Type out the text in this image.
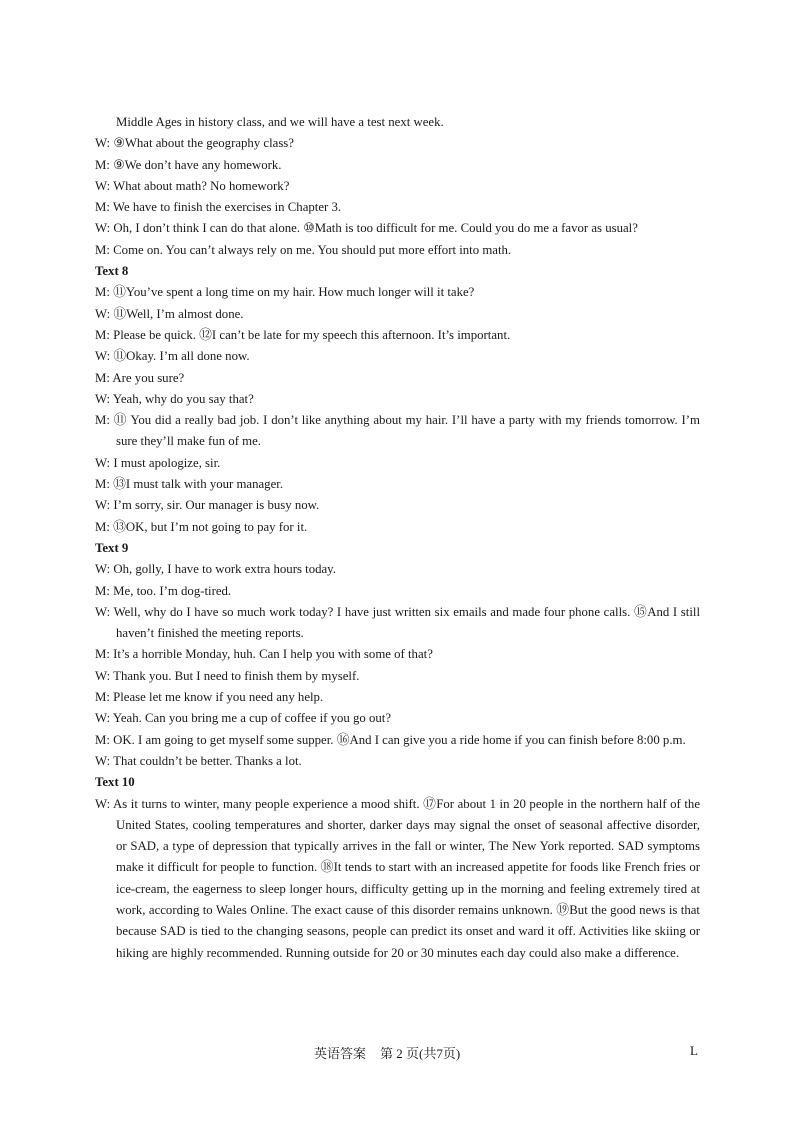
Middle Ages in history class, and we will have a test next week.

W: ⑨What about the geography class?

M: ⑨We don’t have any homework.

W: What about math? No homework?

M: We have to finish the exercises in Chapter 3.

W: Oh, I don’t think I can do that alone. ⑩Math is too difficult for me. Could you do me a favor as usual?

M: Come on. You can’t always rely on me. You should put more effort into math.

Text 8

M: ⑪You’ve spent a long time on my hair. How much longer will it take?

W: ⑪Well, I’m almost done.

M: Please be quick. ⑫I can’t be late for my speech this afternoon. It’s important.

W: ⑪Okay. I’m all done now.

M: Are you sure?

W: Yeah, why do you say that?

M: ⑪ You did a really bad job. I don’t like anything about my hair. I’ll have a party with my friends tomorrow. I’m sure they’ll make fun of me.

W: I must apologize, sir.

M: ⑬I must talk with your manager.

W: I’m sorry, sir. Our manager is busy now.

M: ⑬OK, but I’m not going to pay for it.

Text 9

W: Oh, golly, I have to work extra hours today.

M: Me, too. I’m dog-tired.

W: Well, why do I have so much work today? I have just written six emails and made four phone calls. ⑮And I still haven’t finished the meeting reports.

M: It’s a horrible Monday, huh. Can I help you with some of that?

W: Thank you. But I need to finish them by myself.

M: Please let me know if you need any help.

W: Yeah. Can you bring me a cup of coffee if you go out?

M: OK. I am going to get myself some supper. ⑯And I can give you a ride home if you can finish before 8:00 p.m.

W: That couldn’t be better. Thanks a lot.

Text 10

W: As it turns to winter, many people experience a mood shift. ⑰For about 1 in 20 people in the northern half of the United States, cooling temperatures and shorter, darker days may signal the onset of seasonal affective disorder, or SAD, a type of depression that typically arrives in the fall or winter, The New York reported. SAD symptoms make it difficult for people to function. ⑱It tends to start with an increased appetite for foods like French fries or ice-cream, the eagerness to sleep longer hours, difficulty getting up in the morning and feeling extremely tired at work, according to Wales Online. The exact cause of this disorder remains unknown. ⑲But the good news is that because SAD is tied to the changing seasons, people can predict its onset and ward it off. Activities like skiing or hiking are highly recommended. Running outside for 20 or 30 minutes each day could also make a difference.

英语答案 第 2 页(共7页)	L
